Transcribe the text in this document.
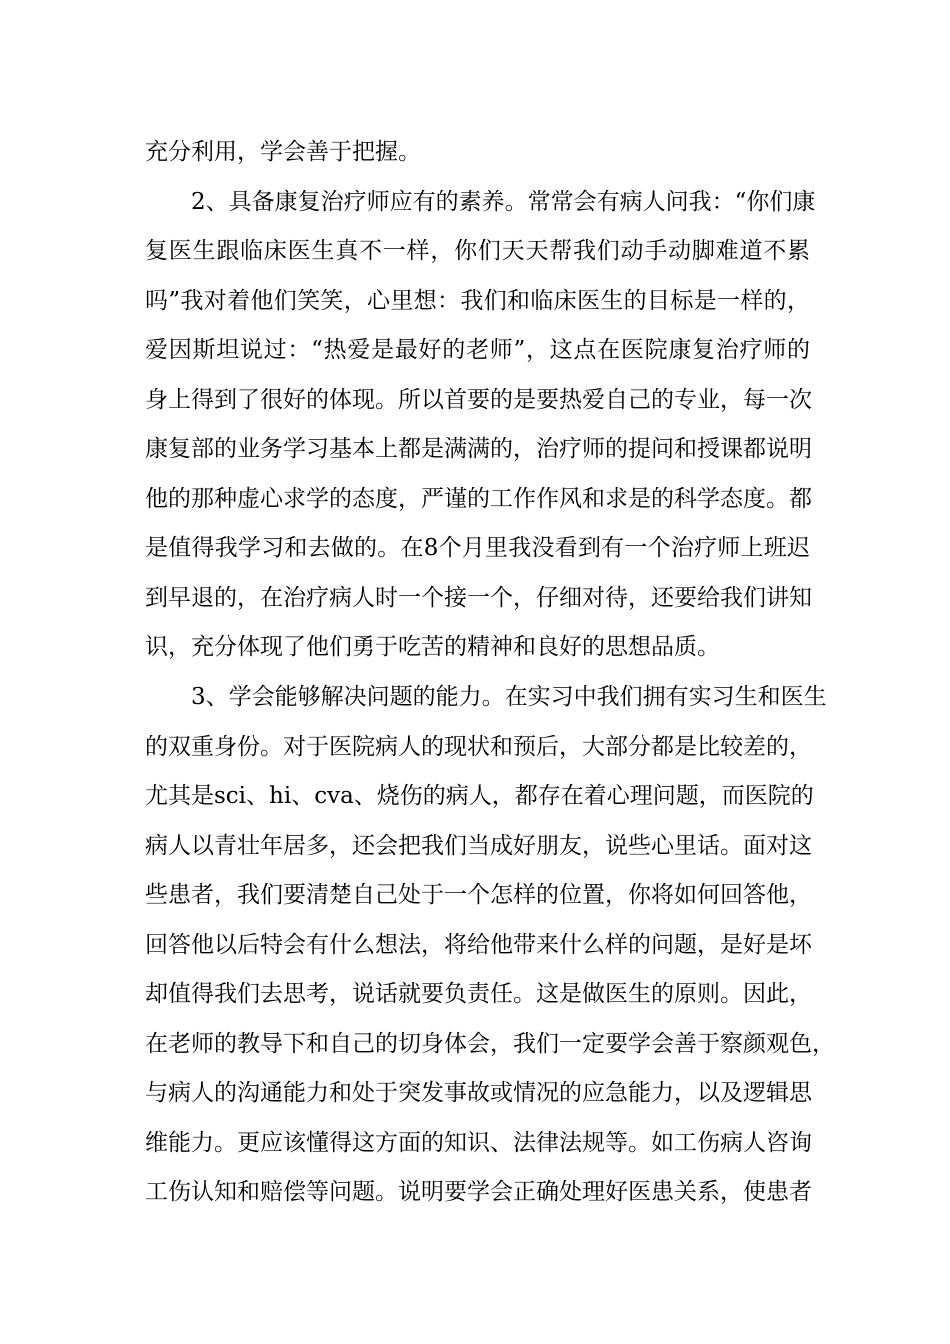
充分利用，学会善于把握。
2、具备康复治疗师应有的素养。常常会有病人问我：“你们康
复医生跟临床医生真不一样，你们天天帮我们动手动脚难道不累
吗”我对着他们笑笑，心里想：我们和临床医生的目标是一样的，
爱因斯坦说过：“热爱是最好的老师”，这点在医院康复治疗师的
身上得到了很好的体现。所以首要的是要热爱自己的专业，每一次
康复部的业务学习基本上都是满满的，治疗师的提问和授课都说明
他的那种虚心求学的态度，严谨的工作作风和求是的科学态度。都
是值得我学习和去做的。在8个月里我没看到有一个治疗师上班迟
到早退的，在治疗病人时一个接一个，仔细对待，还要给我们讲知
识，充分体现了他们勇于吃苦的精神和良好的思想品质。
3、学会能够解决问题的能力。在实习中我们拥有实习生和医生
的双重身份。对于医院病人的现状和预后，大部分都是比较差的，
尤其是sci、hi、cva、烧伤的病人，都存在着心理问题，而医院的
病人以青壮年居多，还会把我们当成好朋友，说些心里话。面对这
些患者，我们要清楚自己处于一个怎样的位置，你将如何回答他，
回答他以后特会有什么想法，将给他带来什么样的问题，是好是坏
却值得我们去思考，说话就要负责任。这是做医生的原则。因此，
在老师的教导下和自己的切身体会，我们一定要学会善于察颜观色，
与病人的沟通能力和处于突发事故或情况的应急能力，以及逻辑思
维能力。更应该懂得这方面的知识、法律法规等。如工伤病人咨询
工伤认知和赔偿等问题。说明要学会正确处理好医患关系，使患者
